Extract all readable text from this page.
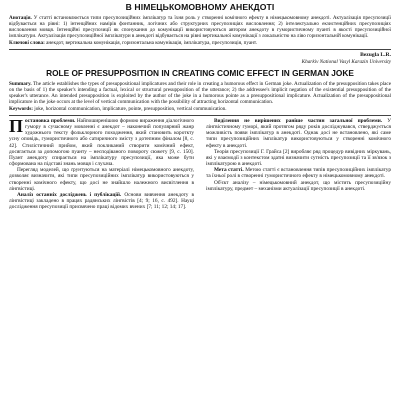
В НІМЕЦЬКОМОВНОМУ АНЕКДОТІ
Анотація. У статті встановлюється типи пресупозиційних імплікатур та їхня роль у створенні комічного ефекту в німецькомовному анекдоті. Актуалізація пресупозиції відбувається на рівні: 1) інтенційних намірів фонтанник, логічних або структурних пресупозиціях висловлення; 2) інтелектуально екзистенційних пресупозиціях висловлення мовця. Інтенційні пресупозиції як спонукання до комунікації використовуються автором анекдоту в гумористичному пуанті в якості пресупозиційної імплікатури. Актуалізація пресупозиційної імплікатури в анекдоті відбувається на рівні вертикальної комунікації з локальністю на ліво горизонтальній комунікації.
Ключові слова: анекдот, вертикальна комунікація, горизонтальна комунікація, імплікатура, пресупозиція, пуант.
Bezugla L.R.
Kharkiv National Vasyl Karazin University
ROLE OF PRESUPPOSITION IN CREATING COMIC EFFECT IN GERMAN JOKE
Summary. The article establishes the types of presuppositional implicatures and their role in creating a humorous effect in German joke. Actualization of the presupposition takes place on the basis of 1) the speaker's intending a factual, lexical or structural presupposition of the utterance; 2) the addressee's implicit negation of the existential presupposition of the speaker's utterance. An intended presupposition is exploited by the author of the joke in a humorous pointe as a presuppositional implicature. Actualization of the presuppositional implicature in the joke occurs at the level of vertical communication with the possibility of attracting horizontal communication.
Keywords: joke, horizontal communication, implicature, pointe, presupposition, vertical communication.

Постановка проблеми. Найпоширенішою формою вираження діалогічного гумору в сучасному мовленні є анекдот – наконечий популярний жанр художнього тексту фольклорного походження, який становить короткту усну оповідь, гумористичного або сатиричного змісту з дотепним фіналом [8, с. 42]. Стилістичний прийом, який покликаний створити комічний ефект, досягається за допомогою пуанту – несподіваного повороту сюжету [9, c. 150]. Пуант анекдоту спирається на імплікатуру пресупозиції, яка може бути сформована на підставі знань мовця і слухача.

Перегляд моделей, що ґрунтуються на матеріалі німецькомовного анекдоту, дозволяє визначити, які типи пресупозиційних імплікатур використовуються у створенні комічного ефекту, що досі не знайшло належного висвітлення в лінгвістиці.

Аналіз останніх досліджень і публікацій. Основи вивчення анекдоту в лінгвістиці закладено в працях радянських лінгвістів [4; 9; 16, с. 492]. Науці дослідження пресупозиції присвячено праці відомих вчених [7; 11; 12; 14; 17].

Виділення не вирішених раніше частин загальної проблеми. У лінгвістичному гуморі, який протягом ряду років досліджувався, стверджується можливість появи імплікатур в анекдоті. Однак досі не встановлено, які саме типи пресупозиційних імплікатур використовуються у створенні комічного ефекту в анекдоті.

Теорія пресупозиції Г. Грайса [2] виробляє ряд процедур вивідних міркувань, які у взаємодії з контекстом здатні визначити сутність пресупозиції та її зв'язок з імплікатурою в анекдоті.

Мета статті. Метою статті є встановлення типів пресупозиційних імплікатур та їхньої ролі в створенні гумористичного ефекту в німецькомовному анекдоті.

Об'єкт аналізу – німецькомовний анекдот, що містить пресупозиційну імплікатуру, предмет – механізми актуалізації пресупозиції в анекдоті.
